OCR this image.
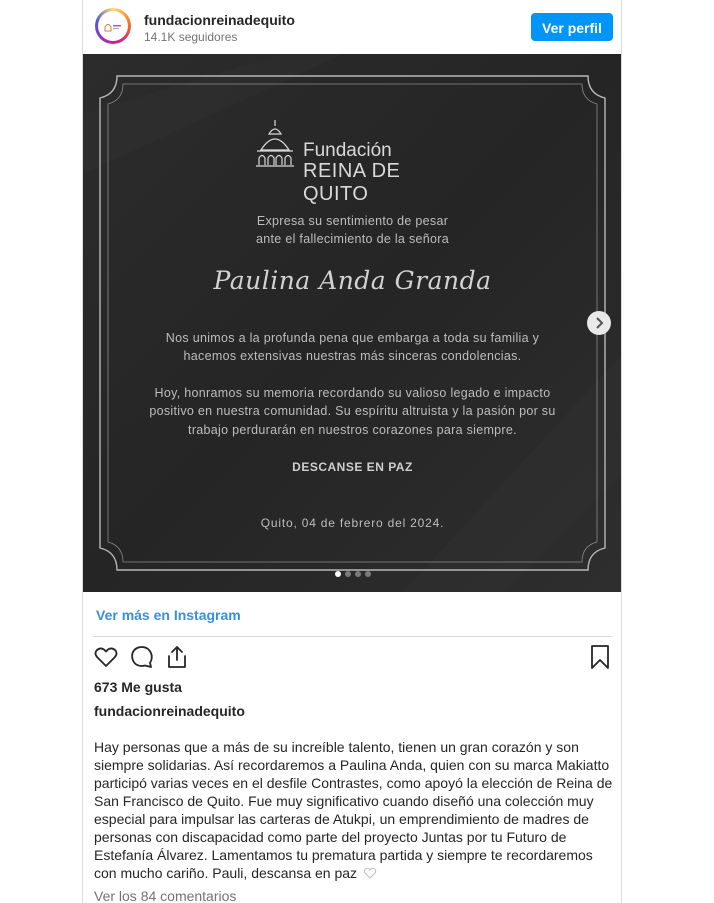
fundacionreinadequito
14.1K seguidores
Ver perfil
Fundación
REINA DE QUITO
Expresa su sentimiento de pesar
ante el fallecimiento de la señora
Paulina Anda Granda
Nos unimos a la profunda pena que embarga a toda su familia y
hacemos extensivas nuestras más sinceras condolencias.
Hoy, honramos su memoria recordando su valioso legado e impacto
positivo en nuestra comunidad. Su espíritu altruista y la pasión por su
trabajo perdurarán en nuestros corazones para siempre.
DESCANSE EN PAZ
Quito, 04 de febrero del 2024.
Ver más en Instagram
673 Me gusta
fundacionreinadequito
Hay personas que a más de su increíble talento, tienen un gran corazón y son siempre solidarias. Así recordaremos a Paulina Anda, quien con su marca Makiatto participó varias veces en el desfile Contrastes, como apoyó la elección de Reina de San Francisco de Quito. Fue muy significativo cuando diseñó una colección muy especial para impulsar las carteras de Atukpi, un emprendimiento de madres de personas con discapacidad como parte del proyecto Juntas por tu Futuro de Estefanía Álvarez. Lamentamos tu prematura partida y siempre te recordaremos con mucho cariño. Pauli, descansa en paz
Ver los 84 comentarios
